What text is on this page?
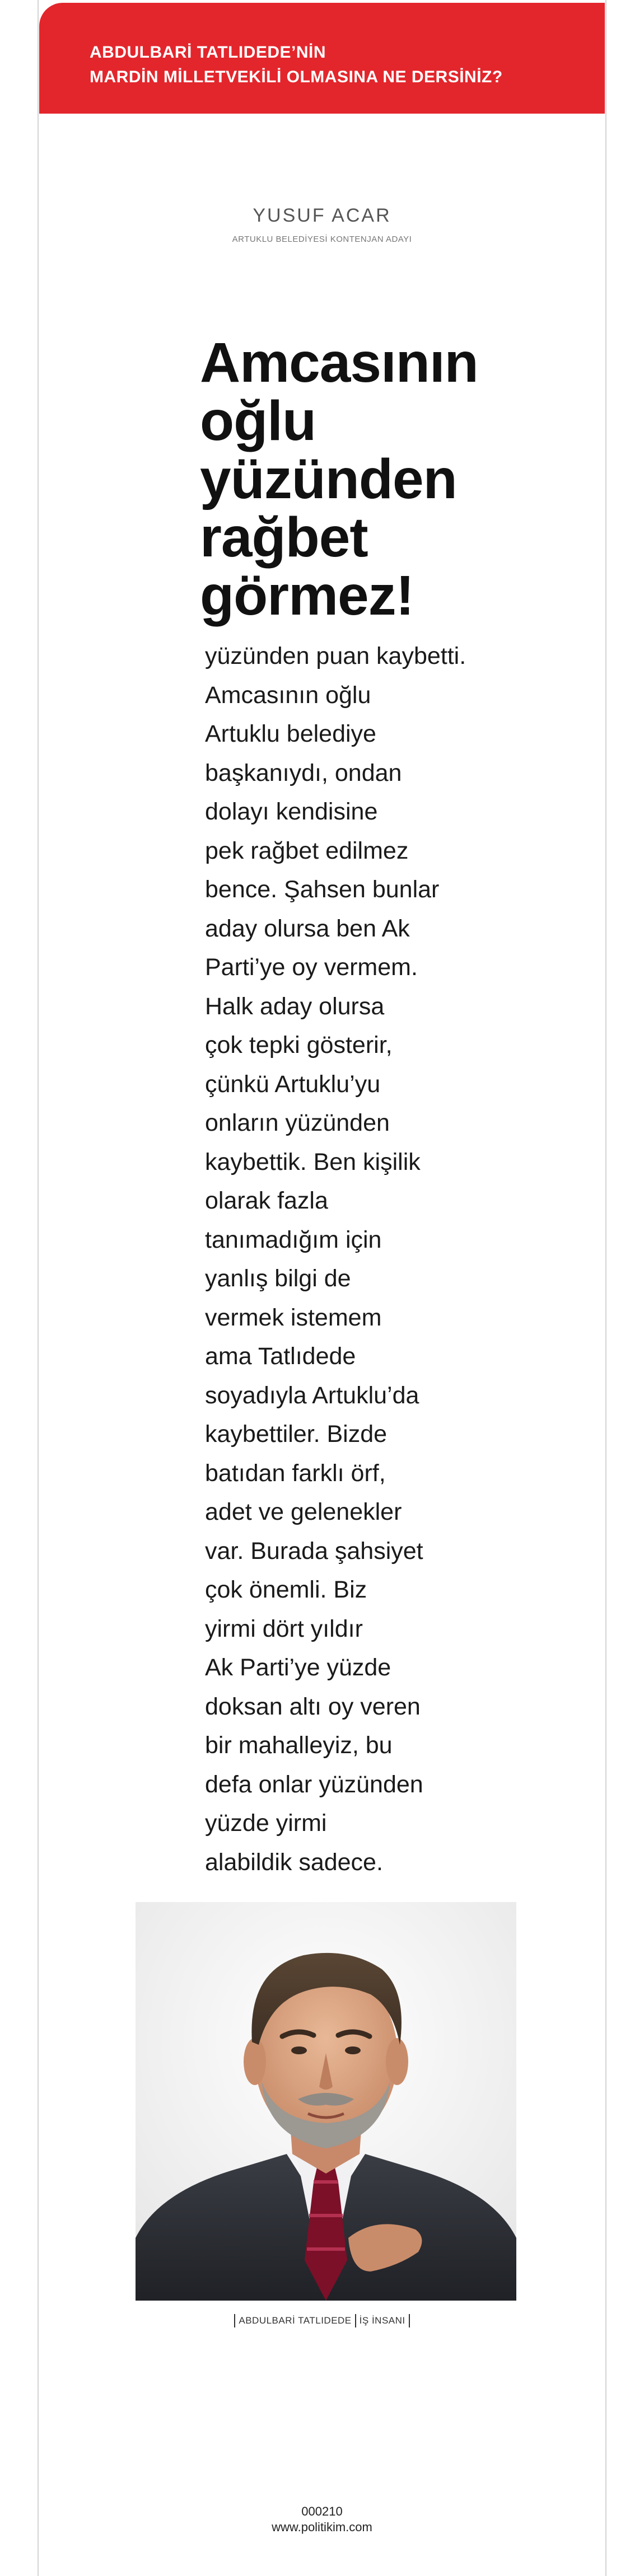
ABDULBARİ TATLIDEDE’NİN
MARDİN MİLLETVEKİLİ OLMASINA NE DERSİNİZ?
YUSUF ACAR
ARTUKLU BELEDİYESİ KONTENJAN ADAYI
Amcasının
oğlu
yüzünden
rağbet
görmez!
yüzünden puan kaybetti.
Amcasının oğlu
Artuklu belediye
başkanıydı, ondan
dolayı kendisine
pek rağbet edilmez
bence. Şahsen bunlar
aday olursa ben Ak
Parti’ye oy vermem.
Halk aday olursa
çok tepki gösterir,
çünkü Artuklu’yu
onların yüzünden
kaybettik. Ben kişilik
olarak fazla
tanımadığım için
yanlış bilgi de
vermek istemem
ama Tatlıdede
soyadıyla Artuklu’da
kaybettiler. Bizde
batıdan farklı örf,
adet ve gelenekler
var. Burada şahsiyet
çok önemli. Biz
yirmi dört yıldır
Ak Parti’ye yüzde
doksan altı oy veren
bir mahalleyiz, bu
defa onlar yüzünden
yüzde yirmi
alabildik sadece.
ABDULBARİ TATLIDEDE İŞ İNSANI
000210
www.politikim.com
